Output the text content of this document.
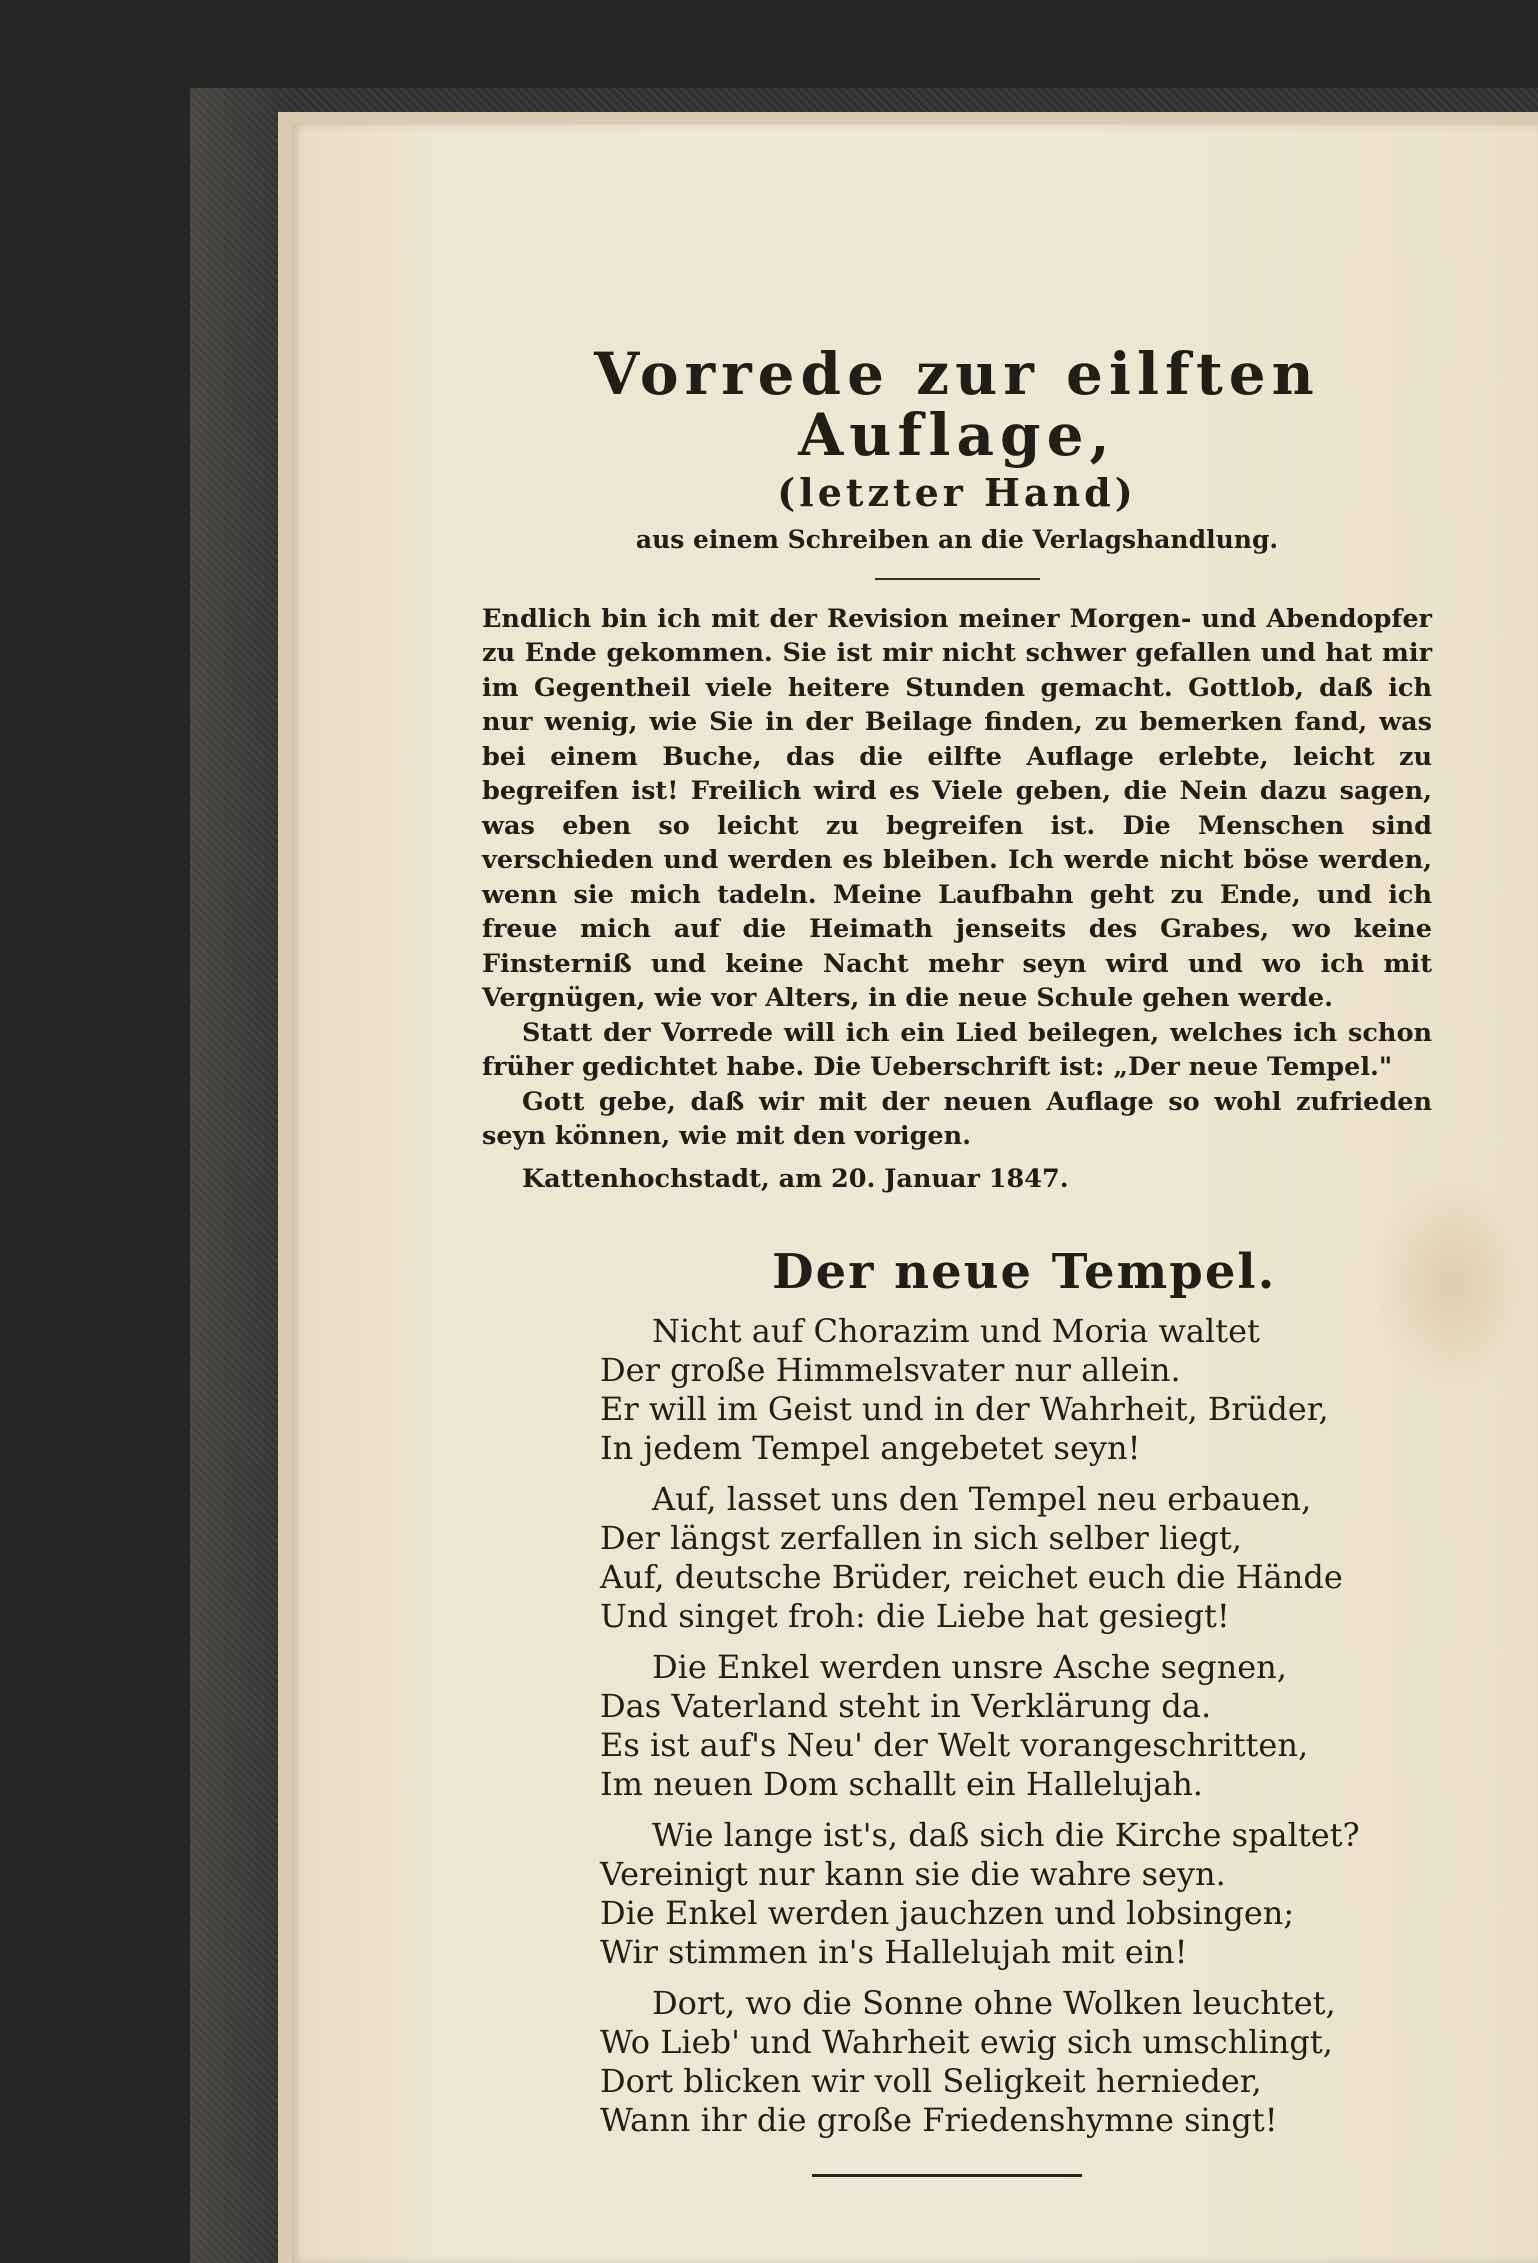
Vorrede zur eilften Auflage,
(letzter Hand)
aus einem Schreiben an die Verlagshandlung.

Endlich bin ich mit der Revision meiner Morgen- und Abendopfer zu Ende gekommen. Sie ist mir nicht schwer gefallen und hat mir im Gegentheil viele heitere Stunden gemacht. Gottlob, daß ich nur wenig, wie Sie in der Beilage finden, zu bemerken fand, was bei einem Buche, das die eilfte Auflage erlebte, leicht zu begreifen ist! Freilich wird es Viele geben, die Nein dazu sagen, was eben so leicht zu begreifen ist. Die Menschen sind verschieden und werden es bleiben. Ich werde nicht böse werden, wenn sie mich tadeln. Meine Laufbahn geht zu Ende, und ich freue mich auf die Heimath jenseits des Grabes, wo keine Finsterniß und keine Nacht mehr seyn wird und wo ich mit Vergnügen, wie vor Alters, in die neue Schule gehen werde.

Statt der Vorrede will ich ein Lied beilegen, welches ich schon früher gedichtet habe. Die Ueberschrift ist: „Der neue Tempel."

Gott gebe, daß wir mit der neuen Auflage so wohl zufrieden seyn können, wie mit den vorigen.

Kattenhochstadt, am 20. Januar 1847.
Der neue Tempel.
Nicht auf Chorazim und Moria waltet
Der große Himmelsvater nur allein.
Er will im Geist und in der Wahrheit, Brüder,
In jedem Tempel angebetet seyn!
Auf, lasset uns den Tempel neu erbauen,
Der längst zerfallen in sich selber liegt,
Auf, deutsche Brüder, reichet euch die Hände
Und singet froh: die Liebe hat gesiegt!
Die Enkel werden unsre Asche segnen,
Das Vaterland steht in Verklärung da.
Es ist auf's Neu' der Welt vorangeschritten,
Im neuen Dom schallt ein Hallelujah.
Wie lange ist's, daß sich die Kirche spaltet?
Vereinigt nur kann sie die wahre seyn.
Die Enkel werden jauchzen und lobsingen;
Wir stimmen in's Hallelujah mit ein!
Dort, wo die Sonne ohne Wolken leuchtet,
Wo Lieb' und Wahrheit ewig sich umschlingt,
Dort blicken wir voll Seligkeit hernieder,
Wann ihr die große Friedenshymne singt!
